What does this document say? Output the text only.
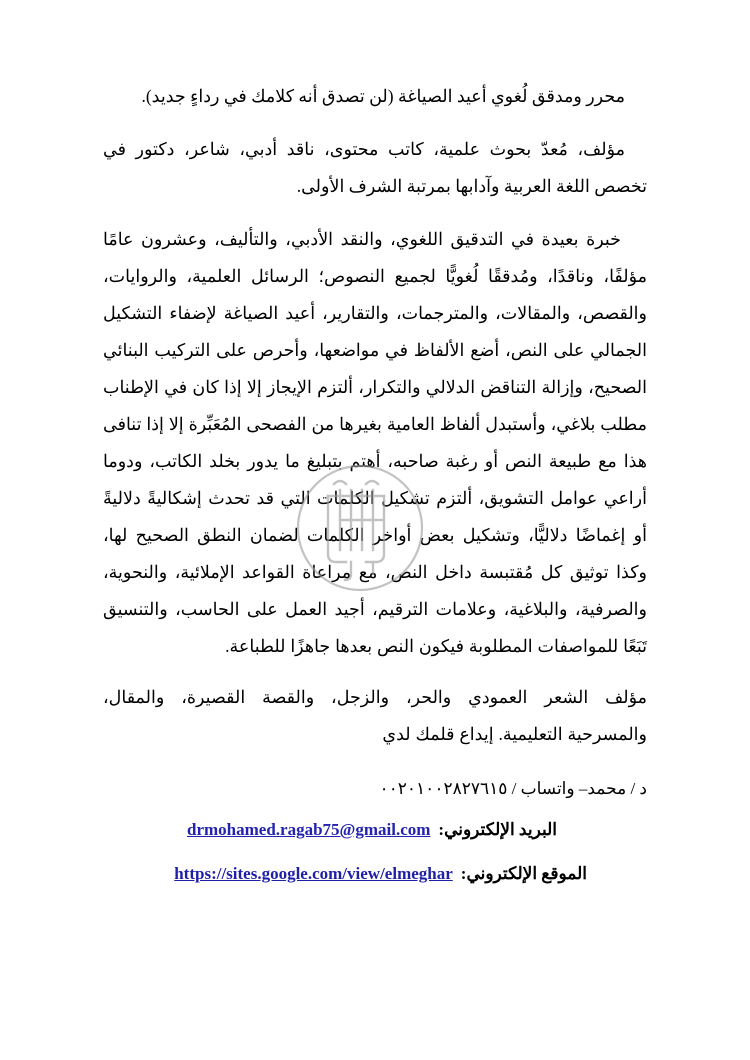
محرر ومدقق لُغوي أعيد الصياغة (لن تصدق أنه كلامك في رداءٍ جديد).

مؤلف، مُعدّ بحوث علمية، كاتب محتوى، ناقد أدبي، شاعر، دكتور في تخصص اللغة العربية وآدابها بمرتبة الشرف الأولى.

خبرة بعيدة في التدقيق اللغوي، والنقد الأدبي، والتأليف، وعشرون عامًا مؤلفًا، وناقدًا، ومُدققًا لُغويًّا لجميع النصوص؛ الرسائل العلمية، والروايات، والقصص، والمقالات، والمترجمات، والتقارير، أعيد الصياغة لإضفاء التشكيل الجمالي على النص، أضع الألفاظ في مواضعها، وأحرص على التركيب البنائي الصحيح، وإزالة التناقض الدلالي والتكرار، ألتزم الإيجاز إلا إذا كان في الإطناب مطلب بلاغي، وأستبدل ألفاظ العامية بغيرها من الفصحى المُعَبِّرة إلا إذا تنافى هذا مع طبيعة النص أو رغبة صاحبه، أهتم بتبليغ ما يدور بخلد الكاتب، ودوما أراعي عوامل التشويق، ألتزم تشكيل الكلمات التي قد تحدث إشكاليةً دلاليةً أو إغماضًا دلاليًّا، وتشكيل بعض أواخر الكلمات لضمان النطق الصحيح لها، وكذا توثيق كل مُقتبسة داخل النص، مع مراعاة القواعد الإملائية، والنحوية، والصرفية، والبلاغية، وعلامات الترقيم، أجيد العمل على الحاسب، والتنسيق تَبَعًا للمواصفات المطلوبة فيكون النص بعدها جاهزًا للطباعة.

مؤلف الشعر العمودي والحر، والزجل، والقصة القصيرة، والمقال، والمسرحية التعليمية. إيداع قلمك لدي

د / محمد– واتساب / ٠٠٢٠١٠٠٢٨٢٧٦١٥
البريد الإلكتروني:
drmohamed.ragab75@gmail.com
الموقع الإلكتروني:
https://sites.google.com/view/elmeghar
